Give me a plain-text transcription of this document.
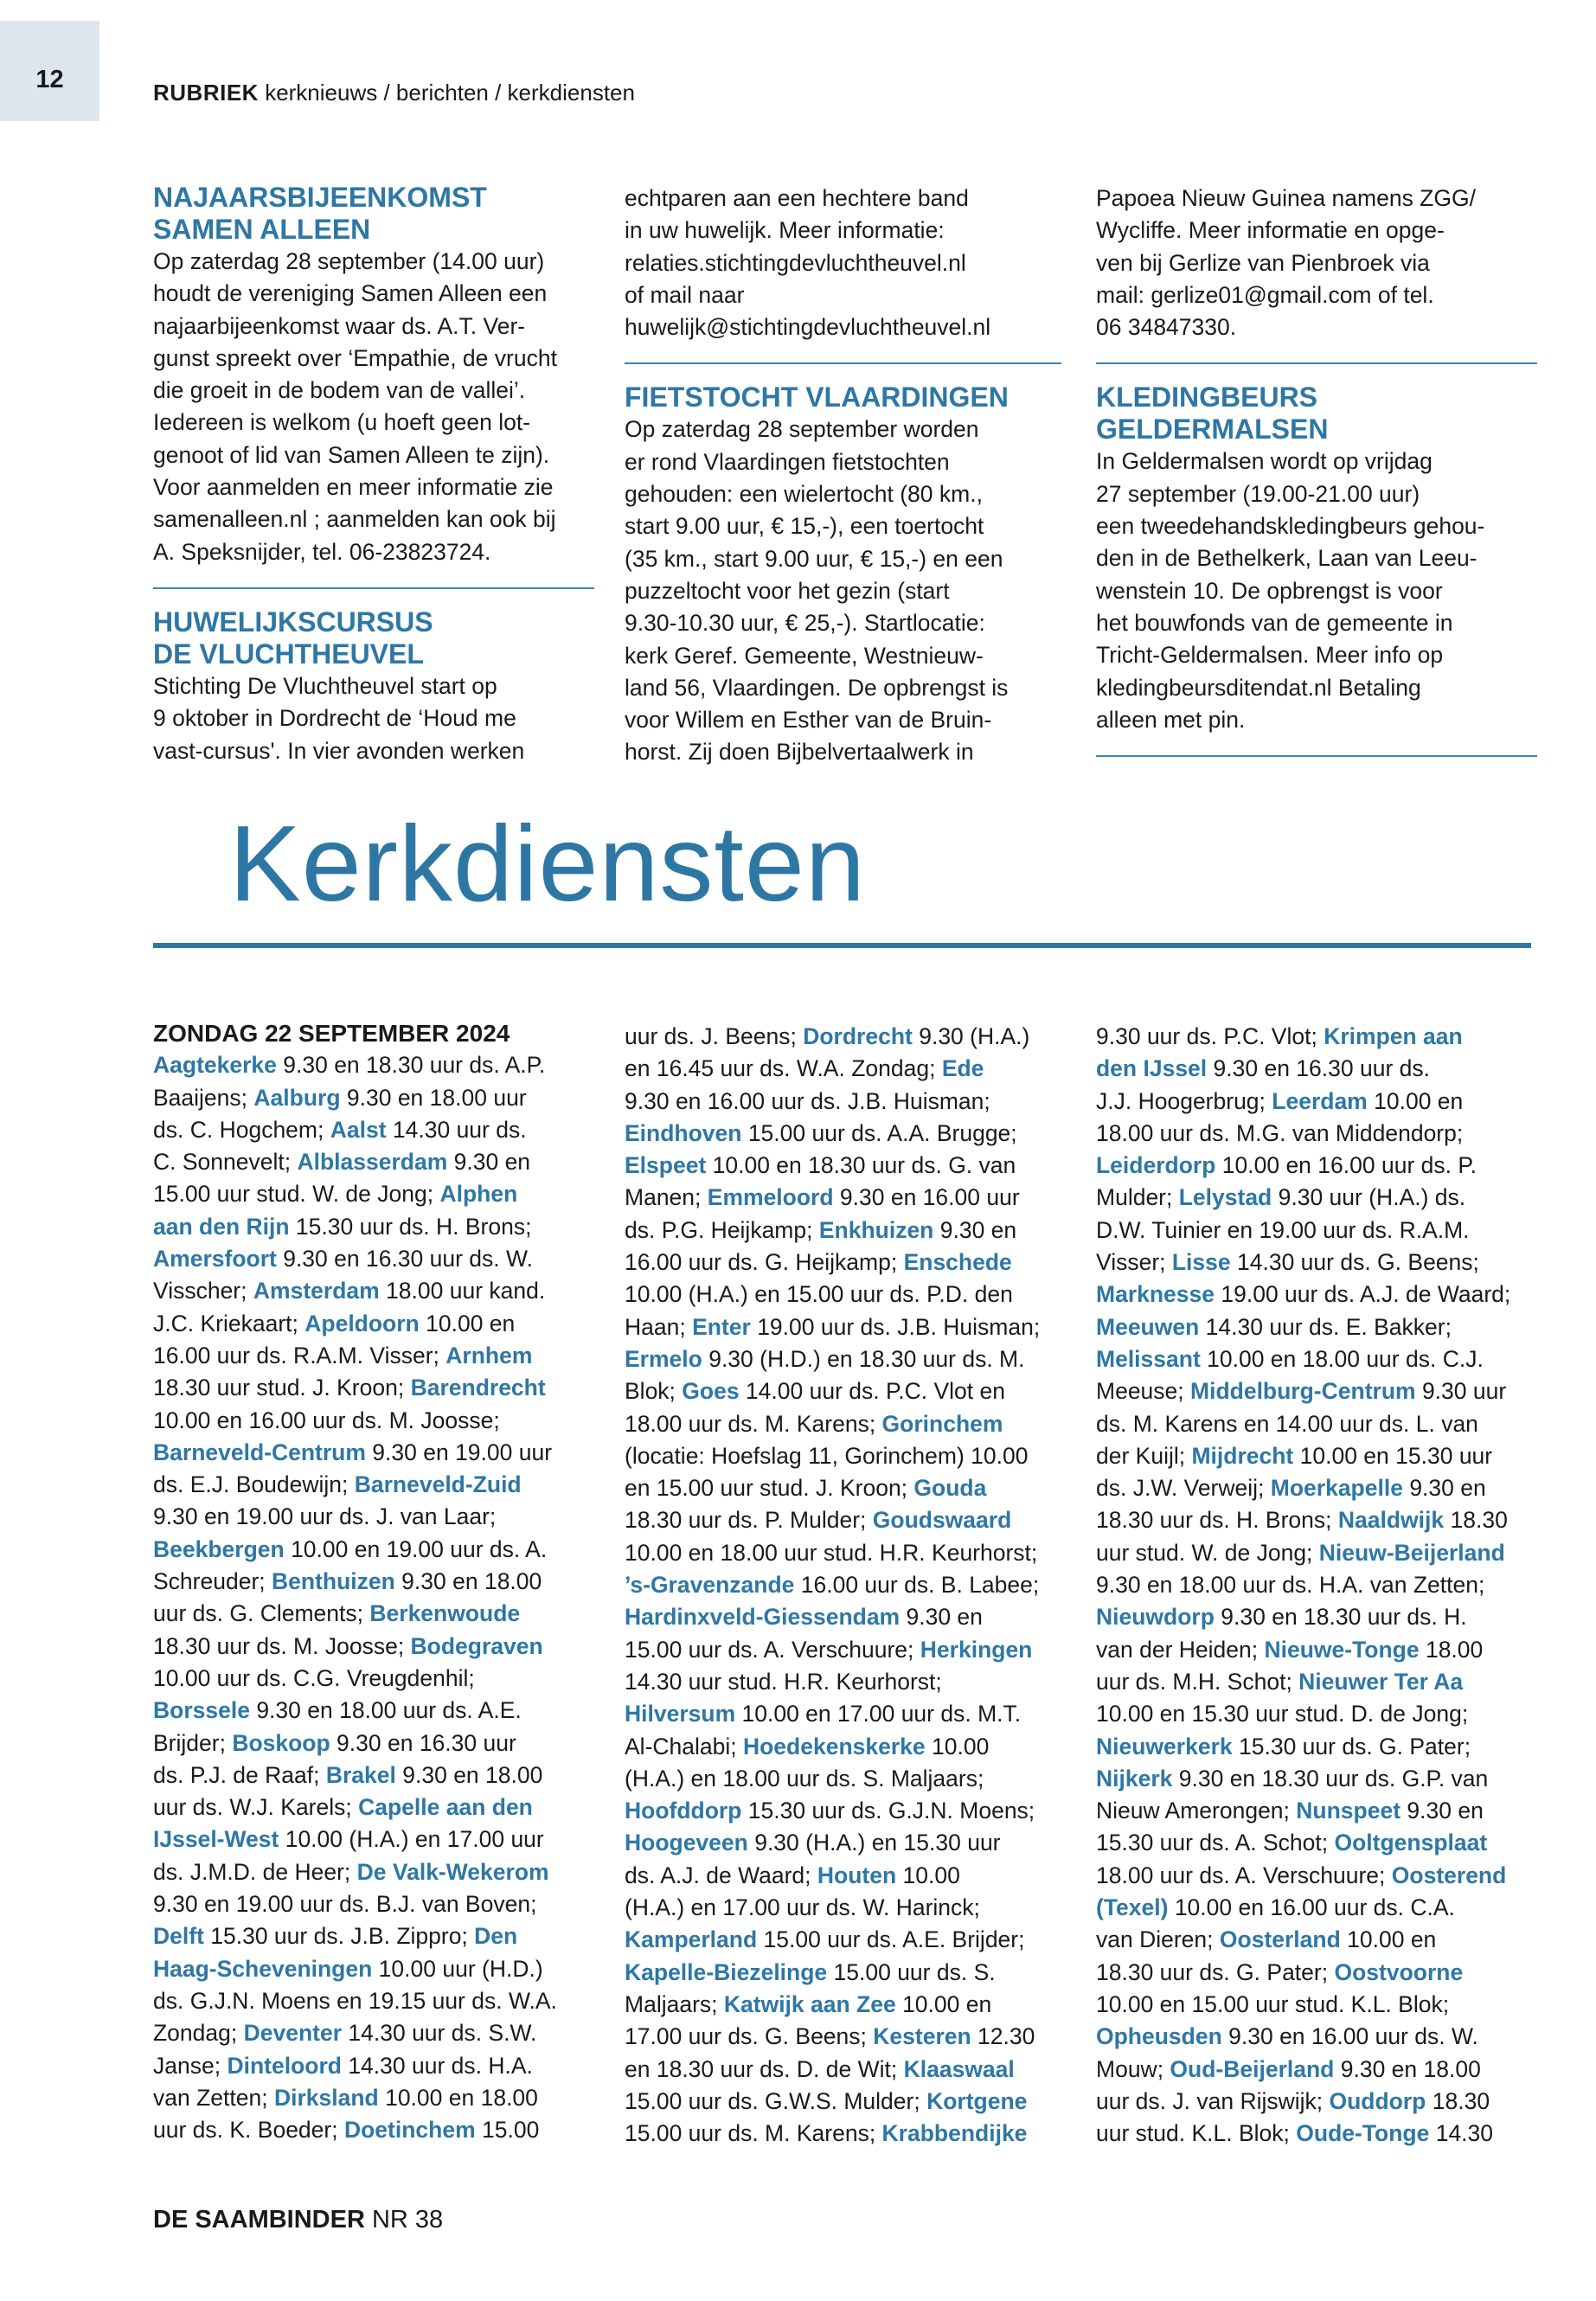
12	RUBRIEK kerknieuws / berichten / kerkdiensten
NAJAARSBIJEENKOMST
SAMEN ALLEEN
Op zaterdag 28 september (14.00 uur)
houdt de vereniging Samen Alleen een
najaarbijeenkomst waar ds. A.T. Ver-
gunst spreekt over ‘Empathie, de vrucht
die groeit in de bodem van de vallei’.
Iedereen is welkom (u hoeft geen lot-
genoot of lid van Samen Alleen te zijn).
Voor aanmelden en meer informatie zie
samenalleen.nl ; aanmelden kan ook bij
A. Speksnijder, tel. 06-23823724.
HUWELIJKSCURSUS
DE VLUCHTHEUVEL
Stichting De Vluchtheuvel start op
9 oktober in Dordrecht de ‘Houd me
vast-cursus'. In vier avonden werken
echtparen aan een hechtere band
in uw huwelijk. Meer informatie:
relaties.stichtingdevluchtheuvel.nl
of mail naar
huwelijk@stichtingdevluchtheuvel.nl
FIETSTOCHT VLAARDINGEN
Op zaterdag 28 september worden
er rond Vlaardingen fietstochten
gehouden: een wielertocht (80 km.,
start 9.00 uur, € 15,-), een toertocht
(35 km., start 9.00 uur, € 15,-) en een
puzzeltocht voor het gezin (start
9.30-10.30 uur, € 25,-). Startlocatie:
kerk Geref. Gemeente, Westnieuw-
land 56, Vlaardingen. De opbrengst is
voor Willem en Esther van de Bruin-
horst. Zij doen Bijbelvertaalwerk in
Papoea Nieuw Guinea namens ZGG/
Wycliffe. Meer informatie en opge-
ven bij Gerlize van Pienbroek via
mail: gerlize01@gmail.com of tel.
06 34847330.
KLEDINGBEURS
GELDERMALSEN
In Geldermalsen wordt op vrijdag
27 september (19.00-21.00 uur)
een tweedehandskledingbeurs gehou-
den in de Bethelkerk, Laan van Leeu-
wenstein 10. De opbrengst is voor
het bouwfonds van de gemeente in
Tricht-Geldermalsen. Meer info op
kledingbeursditendat.nl Betaling
alleen met pin.
Kerkdiensten
ZONDAG 22 SEPTEMBER 2024
Aagtekerke 9.30 en 18.30 uur ds. A.P.
Baaijens; Aalburg 9.30 en 18.00 uur
ds. C. Hogchem; Aalst 14.30 uur ds.
C. Sonnevelt; Alblasserdam 9.30 en
15.00 uur stud. W. de Jong; Alphen
aan den Rijn 15.30 uur ds. H. Brons;
Amersfoort 9.30 en 16.30 uur ds. W.
Visscher; Amsterdam 18.00 uur kand.
J.C. Kriekaart; Apeldoorn 10.00 en
16.00 uur ds. R.A.M. Visser; Arnhem
18.30 uur stud. J. Kroon; Barendrecht
10.00 en 16.00 uur ds. M. Joosse;
Barneveld-Centrum 9.30 en 19.00 uur
ds. E.J. Boudewijn; Barneveld-Zuid
9.30 en 19.00 uur ds. J. van Laar;
Beekbergen 10.00 en 19.00 uur ds. A.
Schreuder; Benthuizen 9.30 en 18.00
uur ds. G. Clements; Berkenwoude
18.30 uur ds. M. Joosse; Bodegraven
10.00 uur ds. C.G. Vreugdenhil;
Borssele 9.30 en 18.00 uur ds. A.E.
Brijder; Boskoop 9.30 en 16.30 uur
ds. P.J. de Raaf; Brakel 9.30 en 18.00
uur ds. W.J. Karels; Capelle aan den
IJssel-West 10.00 (H.A.) en 17.00 uur
ds. J.M.D. de Heer; De Valk-Wekerom
9.30 en 19.00 uur ds. B.J. van Boven;
Delft 15.30 uur ds. J.B. Zippro; Den
Haag-Scheveningen 10.00 uur (H.D.)
ds. G.J.N. Moens en 19.15 uur ds. W.A.
Zondag; Deventer 14.30 uur ds. S.W.
Janse; Dinteloord 14.30 uur ds. H.A.
van Zetten; Dirksland 10.00 en 18.00
uur ds. K. Boeder; Doetinchem 15.00
uur ds. J. Beens; Dordrecht 9.30 (H.A.)
en 16.45 uur ds. W.A. Zondag; Ede
9.30 en 16.00 uur ds. J.B. Huisman;
Eindhoven 15.00 uur ds. A.A. Brugge;
Elspeet 10.00 en 18.30 uur ds. G. van
Manen; Emmeloord 9.30 en 16.00 uur
ds. P.G. Heijkamp; Enkhuizen 9.30 en
16.00 uur ds. G. Heijkamp; Enschede
10.00 (H.A.) en 15.00 uur ds. P.D. den
Haan; Enter 19.00 uur ds. J.B. Huisman;
Ermelo 9.30 (H.D.) en 18.30 uur ds. M.
Blok; Goes 14.00 uur ds. P.C. Vlot en
18.00 uur ds. M. Karens; Gorinchem
(locatie: Hoefslag 11, Gorinchem) 10.00
en 15.00 uur stud. J. Kroon; Gouda
18.30 uur ds. P. Mulder; Goudswaard
10.00 en 18.00 uur stud. H.R. Keurhorst;
’s-Gravenzande 16.00 uur ds. B. Labee;
Hardinxveld-Giessendam 9.30 en
15.00 uur ds. A. Verschuure; Herkingen
14.30 uur stud. H.R. Keurhorst;
Hilversum 10.00 en 17.00 uur ds. M.T.
Al-Chalabi; Hoedekenskerke 10.00
(H.A.) en 18.00 uur ds. S. Maljaars;
Hoofddorp 15.30 uur ds. G.J.N. Moens;
Hoogeveen 9.30 (H.A.) en 15.30 uur
ds. A.J. de Waard; Houten 10.00
(H.A.) en 17.00 uur ds. W. Harinck;
Kamperland 15.00 uur ds. A.E. Brijder;
Kapelle-Biezelinge 15.00 uur ds. S.
Maljaars; Katwijk aan Zee 10.00 en
17.00 uur ds. G. Beens; Kesteren 12.30
en 18.30 uur ds. D. de Wit; Klaaswaal
15.00 uur ds. G.W.S. Mulder; Kortgene
15.00 uur ds. M. Karens; Krabbendijke
9.30 uur ds. P.C. Vlot; Krimpen aan
den IJssel 9.30 en 16.30 uur ds.
J.J. Hoogerbrug; Leerdam 10.00 en
18.00 uur ds. M.G. van Middendorp;
Leiderdorp 10.00 en 16.00 uur ds. P.
Mulder; Lelystad 9.30 uur (H.A.) ds.
D.W. Tuinier en 19.00 uur ds. R.A.M.
Visser; Lisse 14.30 uur ds. G. Beens;
Marknesse 19.00 uur ds. A.J. de Waard;
Meeuwen 14.30 uur ds. E. Bakker;
Melissant 10.00 en 18.00 uur ds. C.J.
Meeuse; Middelburg-Centrum 9.30 uur
ds. M. Karens en 14.00 uur ds. L. van
der Kuijl; Mijdrecht 10.00 en 15.30 uur
ds. J.W. Verweij; Moerkapelle 9.30 en
18.30 uur ds. H. Brons; Naaldwijk 18.30
uur stud. W. de Jong; Nieuw-Beijerland
9.30 en 18.00 uur ds. H.A. van Zetten;
Nieuwdorp 9.30 en 18.30 uur ds. H.
van der Heiden; Nieuwe-Tonge 18.00
uur ds. M.H. Schot; Nieuwer Ter Aa
10.00 en 15.30 uur stud. D. de Jong;
Nieuwerkerk 15.30 uur ds. G. Pater;
Nijkerk 9.30 en 18.30 uur ds. G.P. van
Nieuw Amerongen; Nunspeet 9.30 en
15.30 uur ds. A. Schot; Ooltgensplaat
18.00 uur ds. A. Verschuure; Oosterend
(Texel) 10.00 en 16.00 uur ds. C.A.
van Dieren; Oosterland 10.00 en
18.30 uur ds. G. Pater; Oostvoorne
10.00 en 15.00 uur stud. K.L. Blok;
Opheusden 9.30 en 16.00 uur ds. W.
Mouw; Oud-Beijerland 9.30 en 18.00
uur ds. J. van Rijswijk; Ouddorp 18.30
uur stud. K.L. Blok; Oude-Tonge 14.30
DE SAAMBINDER NR 38
